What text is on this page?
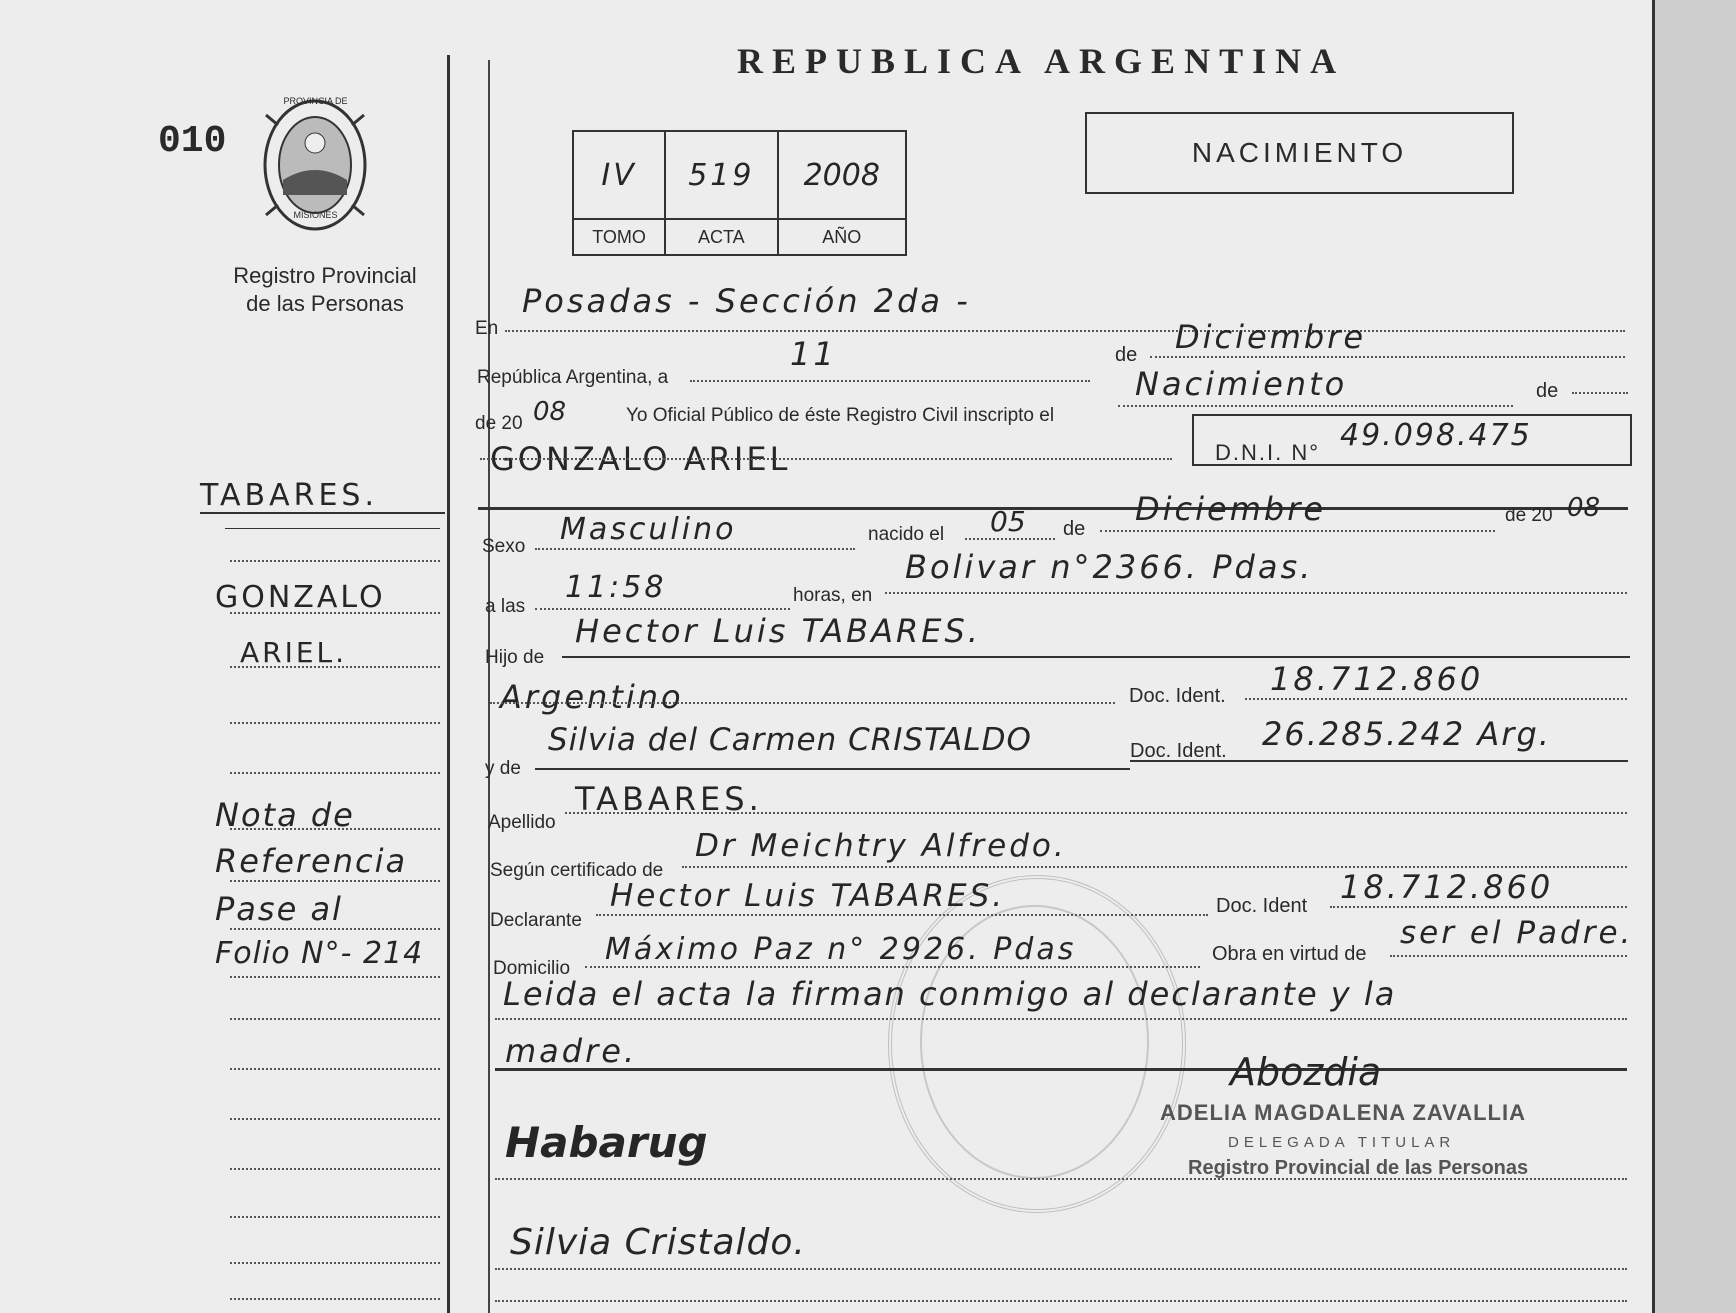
REPUBLICA ARGENTINA
010
PROVINCIA DE
MISIONES
Registro Provincial
de las Personas
IV	519	2008
TOMO	ACTA	AÑO
NACIMIENTO
TABARES.
GONZALO
ARIEL.
Nota de
Referencia
Pase al
Folio N°- 214
En
Posadas - Sección 2da -
República Argentina, a
11	de Diciembre
de 20 08	Yo Oficial Público de éste Registro Civil inscripto el
Nacimiento	de
GONZALO ARIEL	D.N.I. N° 49.098.475
Sexo Masculino	nacido el 05 de
Diciembre	de 20 08
a las
11:58	horas, en
Bolivar n°2366. Pdas.
Hijo de
Hector Luis TABARES.
Argentino	Doc. Ident. 18.712.860
y de
Silvia del Carmen CRISTALDO	Doc. Ident. 26.285.242 Arg.
Apellido
TABARES.
Según certificado de
Dr Meichtry Alfredo.
Declarante
Hector Luis TABARES.	Doc. Ident 18.712.860
Domicilio
Máximo Paz n° 2926. Pdas	Obra en virtud de
ser el Padre.
Leida el acta la firman conmigo al declarante y la
madre.
Habarug
Abozdia
ADELIA MAGDALENA ZAVALLIA
DELEGADA TITULAR
Registro Provincial de las Personas
Silvia Cristaldo.
